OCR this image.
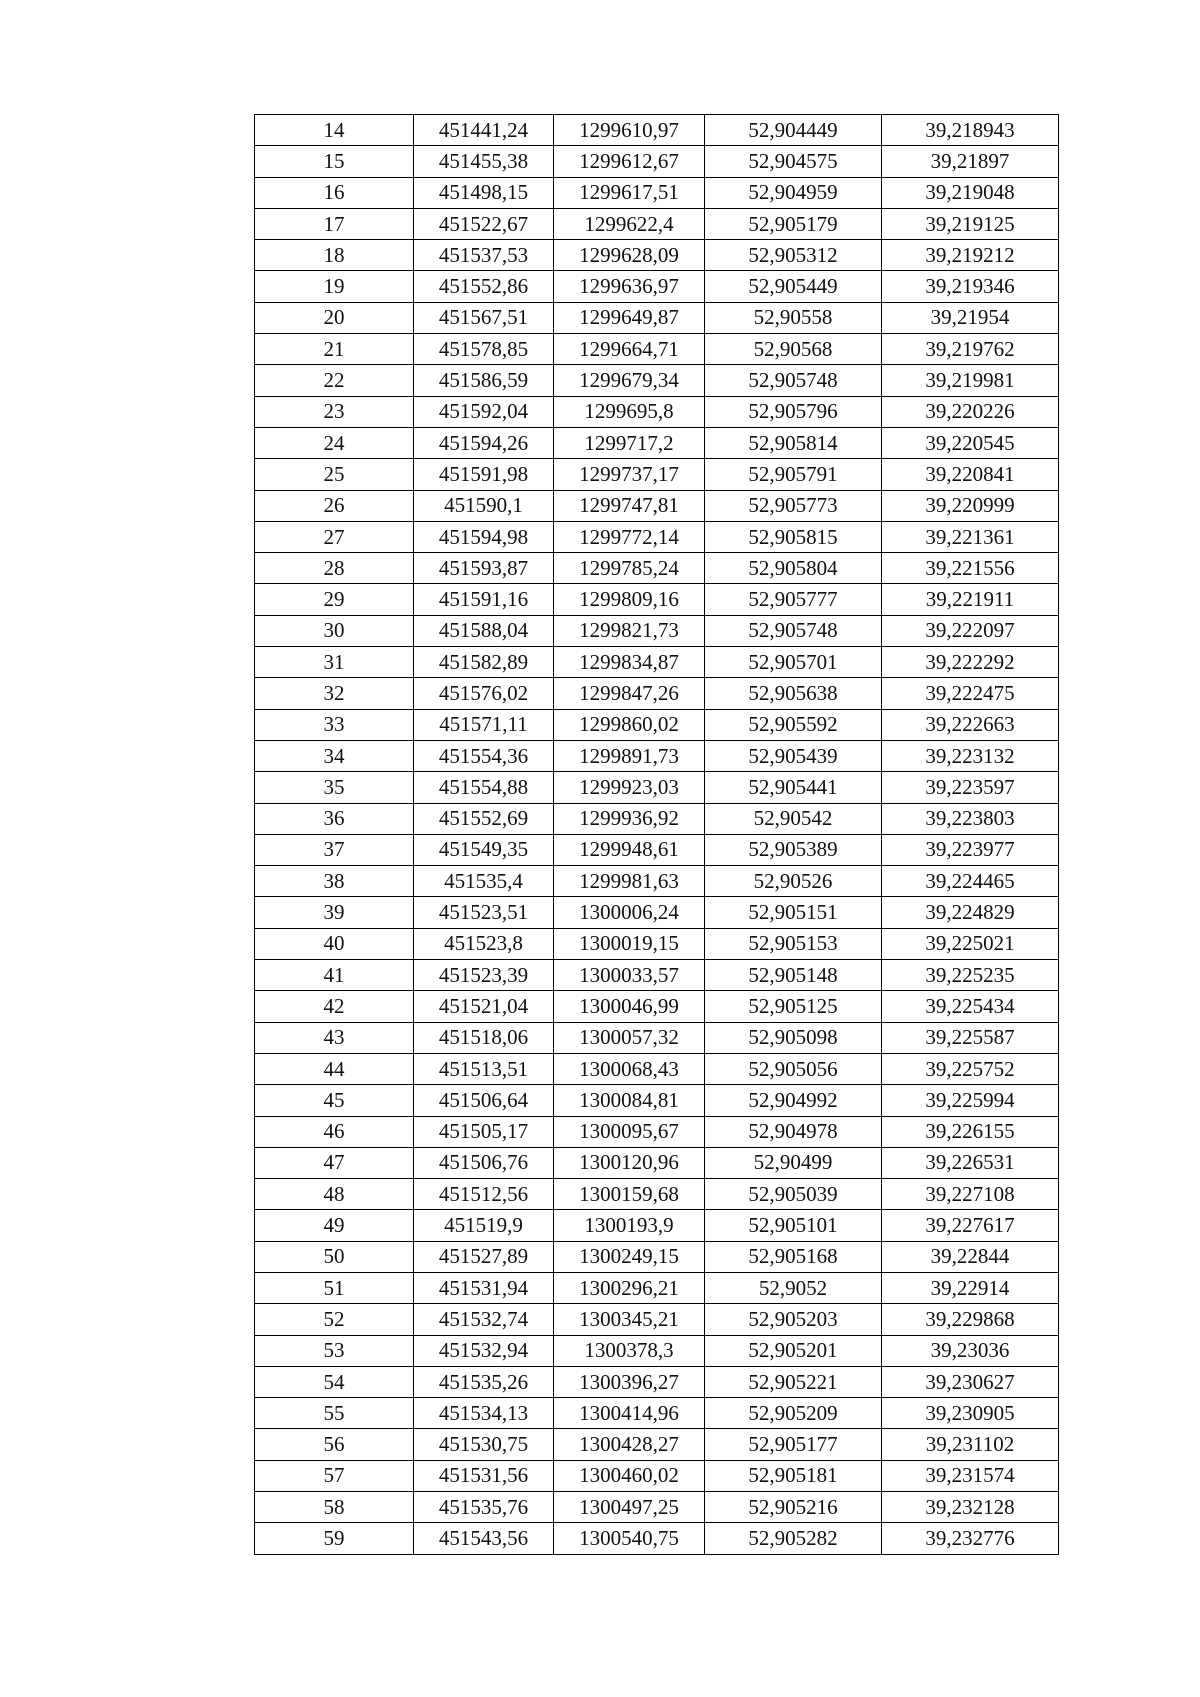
14	451441,24	1299610,97	52,904449	39,218943
15	451455,38	1299612,67	52,904575	39,21897
16	451498,15	1299617,51	52,904959	39,219048
17	451522,67	1299622,4	52,905179	39,219125
18	451537,53	1299628,09	52,905312	39,219212
19	451552,86	1299636,97	52,905449	39,219346
20	451567,51	1299649,87	52,90558	39,21954
21	451578,85	1299664,71	52,90568	39,219762
22	451586,59	1299679,34	52,905748	39,219981
23	451592,04	1299695,8	52,905796	39,220226
24	451594,26	1299717,2	52,905814	39,220545
25	451591,98	1299737,17	52,905791	39,220841
26	451590,1	1299747,81	52,905773	39,220999
27	451594,98	1299772,14	52,905815	39,221361
28	451593,87	1299785,24	52,905804	39,221556
29	451591,16	1299809,16	52,905777	39,221911
30	451588,04	1299821,73	52,905748	39,222097
31	451582,89	1299834,87	52,905701	39,222292
32	451576,02	1299847,26	52,905638	39,222475
33	451571,11	1299860,02	52,905592	39,222663
34	451554,36	1299891,73	52,905439	39,223132
35	451554,88	1299923,03	52,905441	39,223597
36	451552,69	1299936,92	52,90542	39,223803
37	451549,35	1299948,61	52,905389	39,223977
38	451535,4	1299981,63	52,90526	39,224465
39	451523,51	1300006,24	52,905151	39,224829
40	451523,8	1300019,15	52,905153	39,225021
41	451523,39	1300033,57	52,905148	39,225235
42	451521,04	1300046,99	52,905125	39,225434
43	451518,06	1300057,32	52,905098	39,225587
44	451513,51	1300068,43	52,905056	39,225752
45	451506,64	1300084,81	52,904992	39,225994
46	451505,17	1300095,67	52,904978	39,226155
47	451506,76	1300120,96	52,90499	39,226531
48	451512,56	1300159,68	52,905039	39,227108
49	451519,9	1300193,9	52,905101	39,227617
50	451527,89	1300249,15	52,905168	39,22844
51	451531,94	1300296,21	52,9052	39,22914
52	451532,74	1300345,21	52,905203	39,229868
53	451532,94	1300378,3	52,905201	39,23036
54	451535,26	1300396,27	52,905221	39,230627
55	451534,13	1300414,96	52,905209	39,230905
56	451530,75	1300428,27	52,905177	39,231102
57	451531,56	1300460,02	52,905181	39,231574
58	451535,76	1300497,25	52,905216	39,232128
59	451543,56	1300540,75	52,905282	39,232776
